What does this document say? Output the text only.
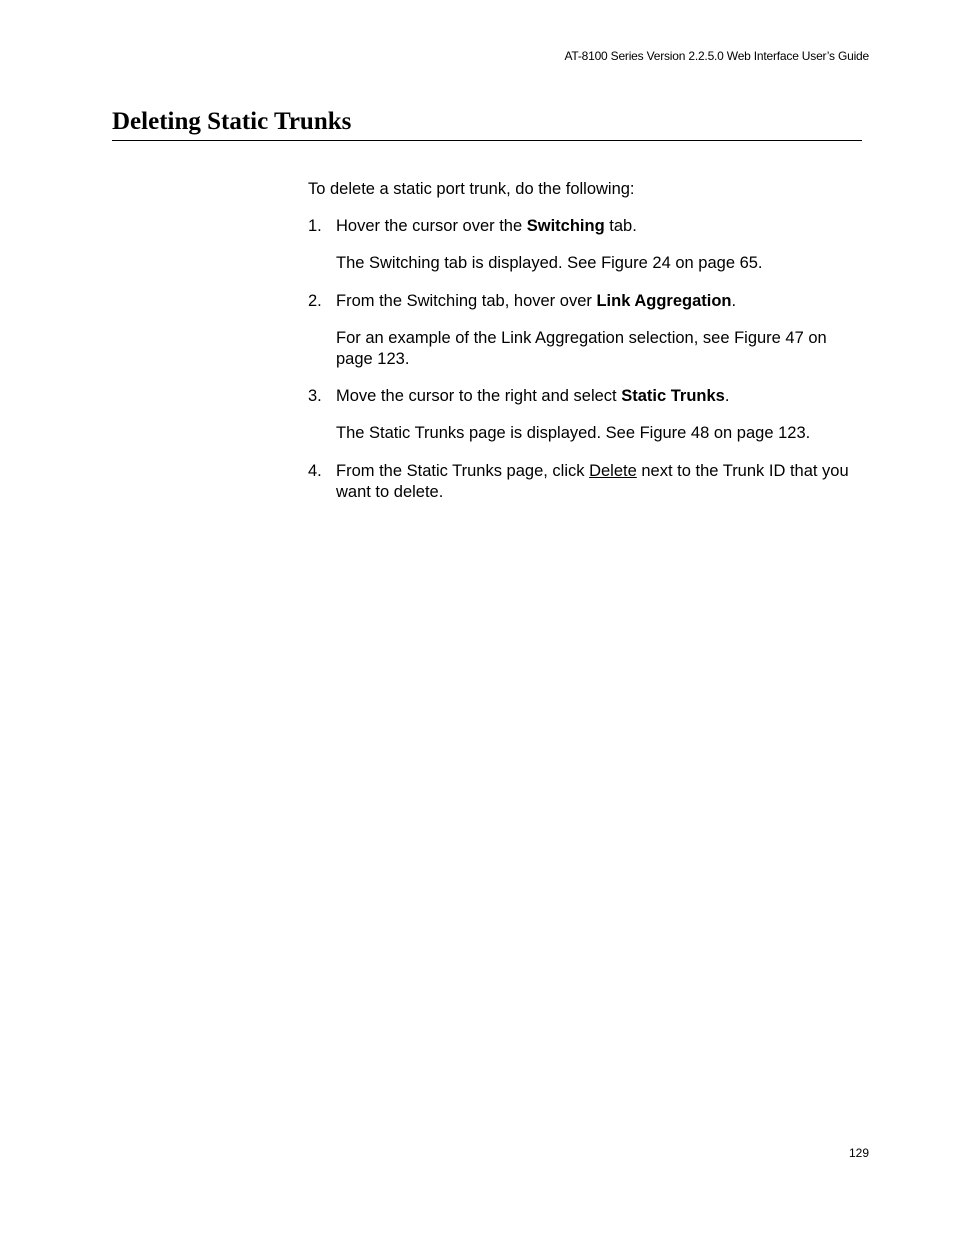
AT-8100 Series Version 2.2.5.0 Web Interface User’s Guide
Deleting Static Trunks
To delete a static port trunk, do the following:
1. Hover the cursor over the Switching tab.
The Switching tab is displayed. See Figure 24 on page 65.
2. From the Switching tab, hover over Link Aggregation.
For an example of the Link Aggregation selection, see Figure 47 on
page 123.
3. Move the cursor to the right and select Static Trunks.
The Static Trunks page is displayed. See Figure 48 on page 123.
4. From the Static Trunks page, click Delete next to the Trunk ID that you
want to delete.
129
